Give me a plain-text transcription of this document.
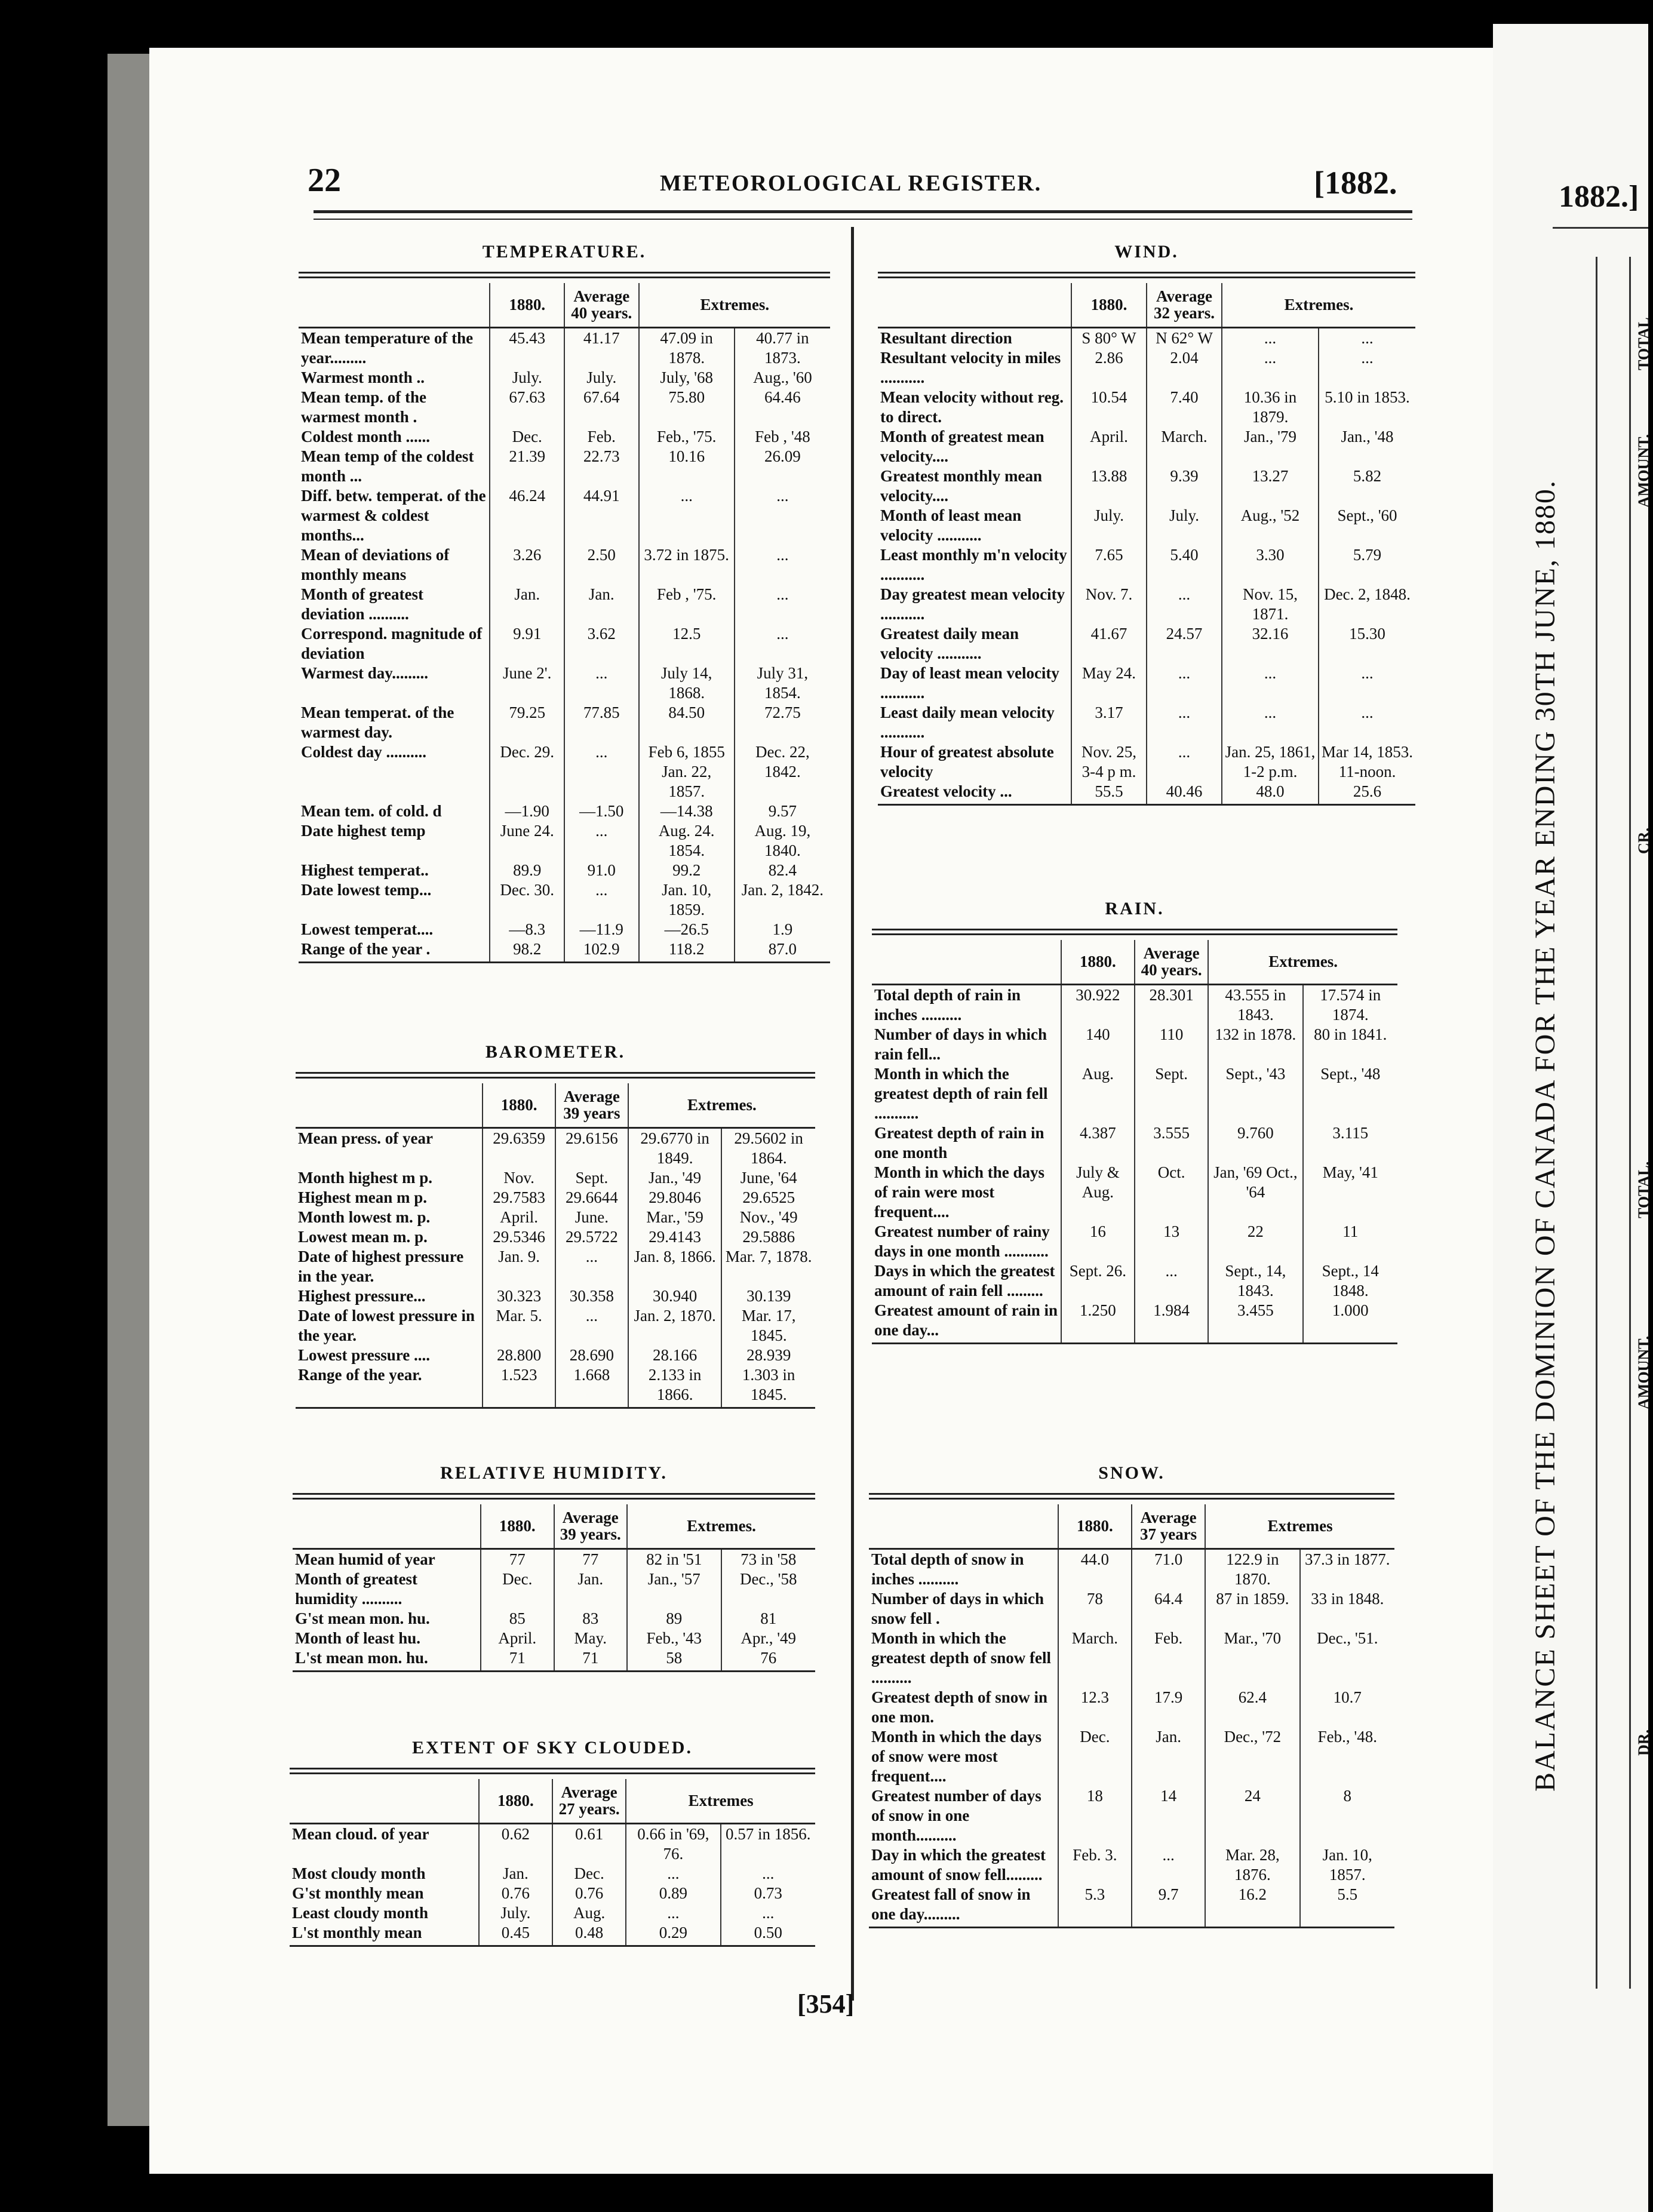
22	METEOROLOGICAL REGISTER.	[1882.	1882.]
BALANCE SHEET OF THE DOMINION OF CANADA FOR THE YEAR ENDING 30TH JUNE, 1880.
TOTAL
AMOUNT.
CR.
TOTAL.
AMOUNT.
DR.
[354]
TEMPERATURE.
	1880.	Average 40 years.	Extremes.	
Mean temperature of the year.........	45.43	41.17	47.09 in 1878.	40.77 in 1873.
Warmest month ..	July.	July.	July, '68	Aug., '60
Mean temp. of the warmest month .	67.63	67.64	75.80	64.46
Coldest month ......	Dec.	Feb.	Feb., '75.	Feb , '48
Mean temp of the coldest month ...	21.39	22.73	10.16	26.09
Diff. betw. temperat. of the warmest & coldest months...	46.24	44.91	...	...
Mean of deviations of monthly means	3.26	2.50	3.72 in 1875.	...
Month of greatest deviation ..........	Jan.	Jan.	Feb , '75.	...
Correspond. magnitude of deviation	9.91	3.62	12.5	...
Warmest day.........	June 2'.	...	July 14, 1868.	July 31, 1854.
Mean temperat. of the warmest day.	79.25	77.85	84.50	72.75
Coldest day ..........	Dec. 29.	...	Feb 6, 1855 Jan. 22, 1857.	Dec. 22, 1842.
Mean tem. of cold. d	—1.90	—1.50	—14.38	9.57
Date highest temp	June 24.	...	Aug. 24. 1854.	Aug. 19, 1840.
Highest temperat..	89.9	91.0	99.2	82.4
Date lowest temp...	Dec. 30.	...	Jan. 10, 1859.	Jan. 2, 1842.
Lowest temperat....	—8.3	—11.9	—26.5	1.9
Range of the year .	98.2	102.9	118.2	87.0
BAROMETER.
	1880.	Average 39 years	Extremes.	
Mean press. of year	29.6359	29.6156	29.6770 in 1849.	29.5602 in 1864.
Month highest m p.	Nov.	Sept.	Jan., '49	June, '64
Highest mean m p.	29.7583	29.6644	29.8046	29.6525
Month lowest m. p.	April.	June.	Mar., '59	Nov., '49
Lowest mean m. p.	29.5346	29.5722	29.4143	29.5886
Date of highest pressure in the year.	Jan. 9.	...	Jan. 8, 1866.	Mar. 7, 1878.
Highest pressure...	30.323	30.358	30.940	30.139
Date of lowest pressure in the year.	Mar. 5.	...	Jan. 2, 1870.	Mar. 17, 1845.
Lowest pressure ....	28.800	28.690	28.166	28.939
Range of the year.	1.523	1.668	2.133 in 1866.	1.303 in 1845.
RELATIVE HUMIDITY.
	1880.	Average 39 years.	Extremes.	
Mean humid of year	77	77	82 in '51	73 in '58
Month of greatest humidity ..........	Dec.	Jan.	Jan., '57	Dec., '58
G'st mean mon. hu.	85	83	89	81
Month of least hu.	April.	May.	Feb., '43	Apr., '49
L'st mean mon. hu.	71	71	58	76
EXTENT OF SKY CLOUDED.
	1880.	Average 27 years.	Extremes	
Mean cloud. of year	0.62	0.61	0.66 in '69, 76.	0.57 in 1856.
Most cloudy month	Jan.	Dec.	...	...
G'st monthly mean	0.76	0.76	0.89	0.73
Least cloudy month	July.	Aug.	...	...
L'st monthly mean	0.45	0.48	0.29	0.50
WIND.
	1880.	Average 32 years.	Extremes.	
Resultant direction	S 80° W	N 62° W	...	...
Resultant velocity in miles ...........	2.86	2.04	...	...
Mean velocity without reg. to direct.	10.54	7.40	10.36 in 1879.	5.10 in 1853.
Month of greatest mean velocity....	April.	March.	Jan., '79	Jan., '48
Greatest monthly mean velocity....	13.88	9.39	13.27	5.82
Month of least mean velocity ...........	July.	July.	Aug., '52	Sept., '60
Least monthly m'n velocity ...........	7.65	5.40	3.30	5.79
Day greatest mean velocity ...........	Nov. 7.	...	Nov. 15, 1871.	Dec. 2, 1848.
Greatest daily mean velocity ...........	41.67	24.57	32.16	15.30
Day of least mean velocity ...........	May 24.	...	...	...
Least daily mean velocity ...........	3.17	...	...	...
Hour of greatest absolute velocity	Nov. 25, 3-4 p m.	...	Jan. 25, 1861, 1-2 p.m.	Mar 14, 1853. 11-noon.
Greatest velocity ...	55.5	40.46	48.0	25.6
RAIN.
	1880.	Average 40 years.	Extremes.	
Total depth of rain in inches ..........	30.922	28.301	43.555 in 1843.	17.574 in 1874.
Number of days in which rain fell...	140	110	132 in 1878.	80 in 1841.
Month in which the greatest depth of rain fell ...........	Aug.	Sept.	Sept., '43	Sept., '48
Greatest depth of rain in one month	4.387	3.555	9.760	3.115
Month in which the days of rain were most frequent....	July & Aug.	Oct.	Jan, '69 Oct., '64	May, '41
Greatest number of rainy days in one month ...........	16	13	22	11
Days in which the greatest amount of rain fell .........	Sept. 26.	...	Sept., 14, 1843.	Sept., 14 1848.
Greatest amount of rain in one day...	1.250	1.984	3.455	1.000
SNOW.
	1880.	Average 37 years	Extremes	
Total depth of snow in inches ..........	44.0	71.0	122.9 in 1870.	37.3 in 1877.
Number of days in which snow fell .	78	64.4	87 in 1859.	33 in 1848.
Month in which the greatest depth of snow fell ..........	March.	Feb.	Mar., '70	Dec., '51.
Greatest depth of snow in one mon.	12.3	17.9	62.4	10.7
Month in which the days of snow were most frequent....	Dec.	Jan.	Dec., '72	Feb., '48.
Greatest number of days of snow in one month..........	18	14	24	8
Day in which the greatest amount of snow fell.........	Feb. 3.	...	Mar. 28, 1876.	Jan. 10, 1857.
Greatest fall of snow in one day.........	5.3	9.7	16.2	5.5
